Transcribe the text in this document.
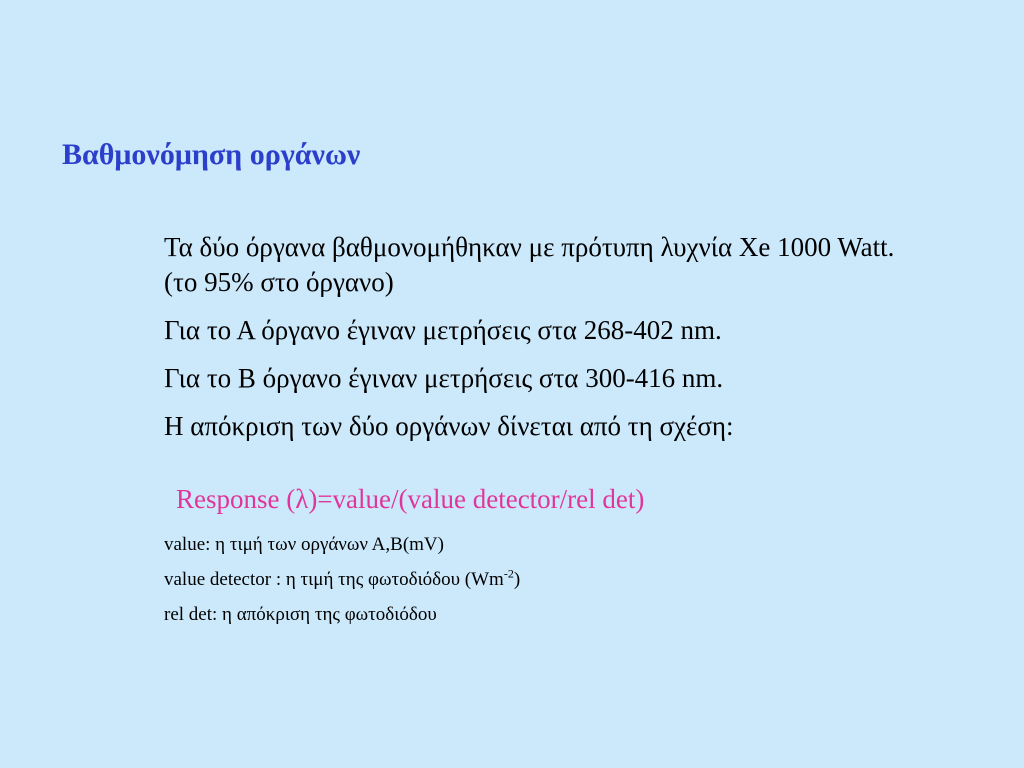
Βαθμονόμηση οργάνων

Τα δύο όργανα βαθμονομήθηκαν με πρότυπη λυχνία Xe 1000 Watt.(το 95% στο όργανο)

Για το Α όργανο έγιναν μετρήσεις στα 268-402 nm.

Για το Β όργανο έγιναν μετρήσεις στα 300-416 nm.

Η απόκριση των δύο οργάνων δίνεται από τη σχέση:

Response (λ)=value/(value detector/rel det)

value: η τιμή των οργάνων Α,Β(mV)

value detector : η τιμή της φωτοδιόδου $(Wm^{-2})$

rel det: η απόκριση της φωτοδιόδου
